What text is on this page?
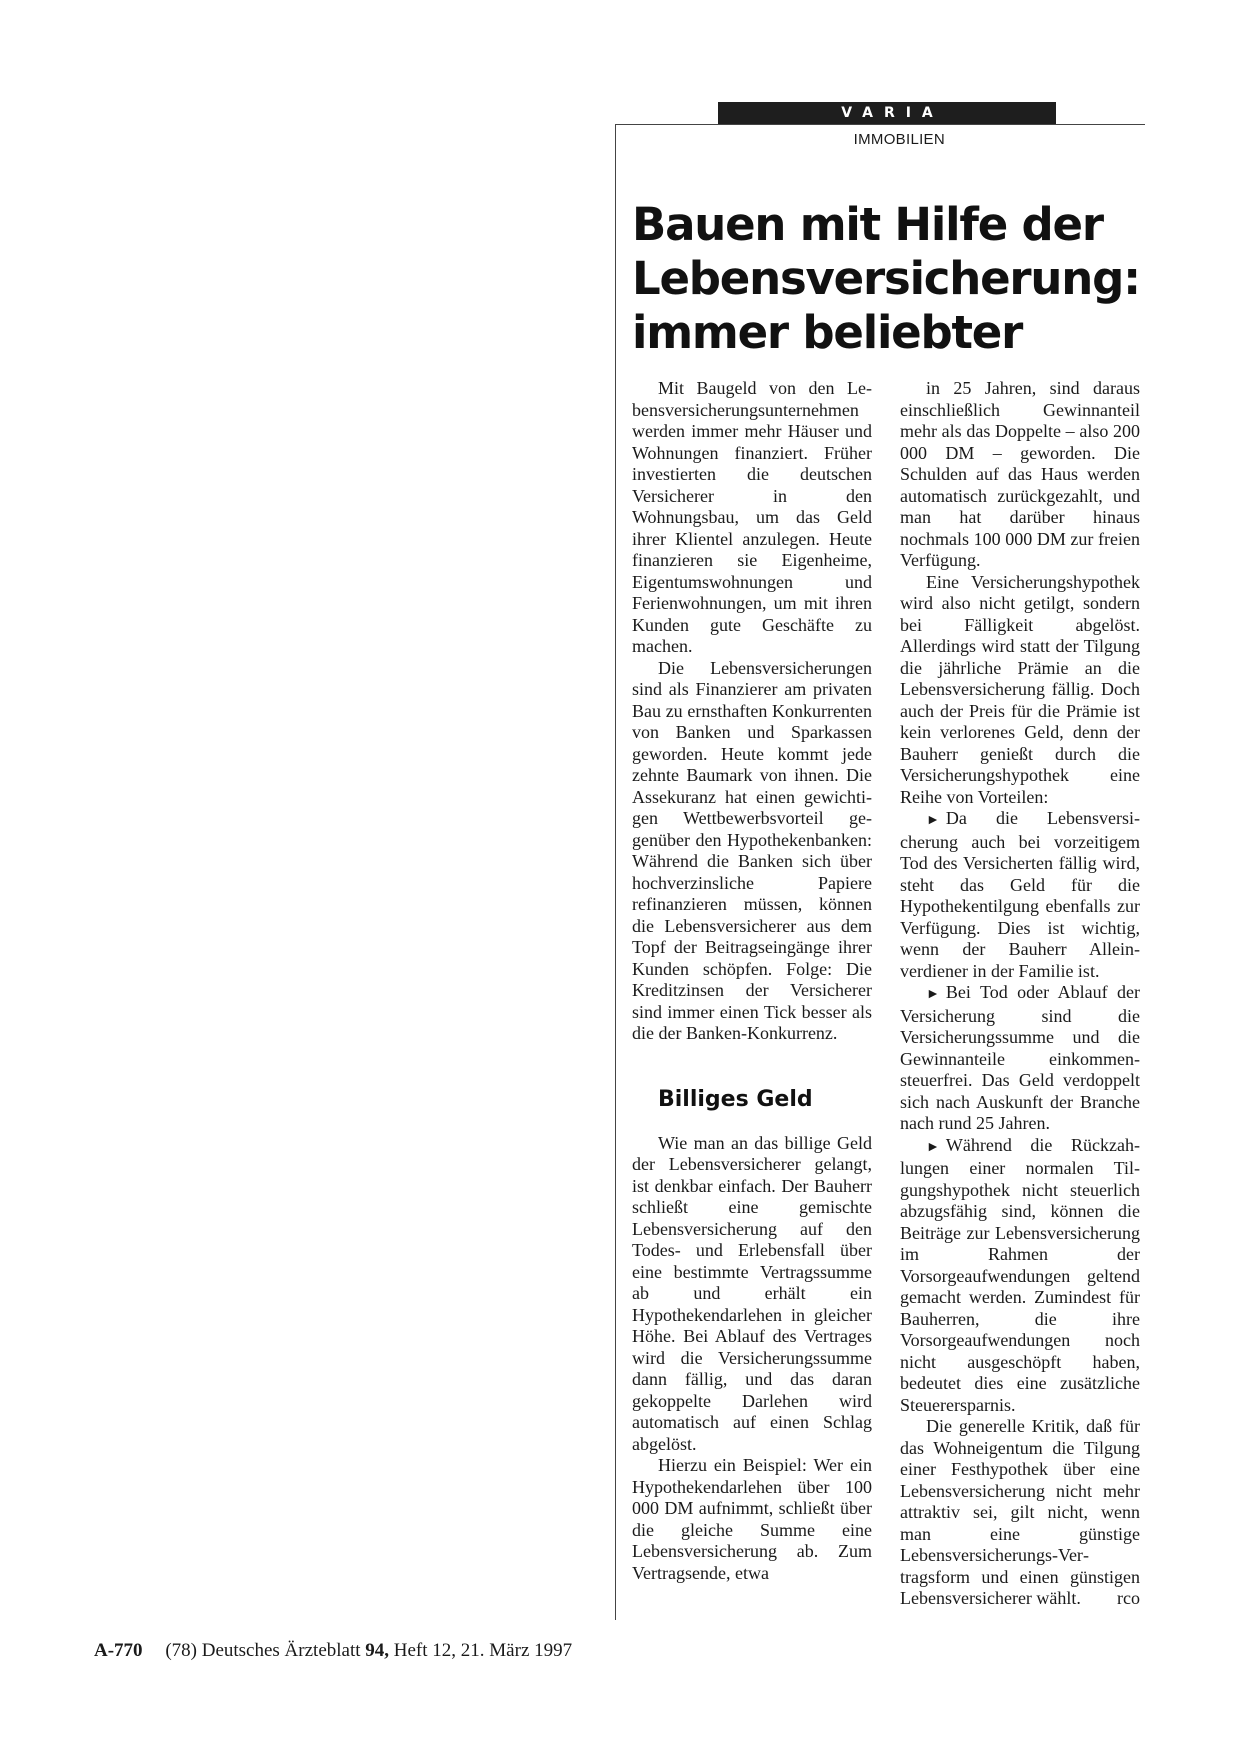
VARIA
IMMOBILIEN
Bauen mit Hilfe der
Lebensversicherung:
immer beliebter

Mit Baugeld von den Lebensversicherungsunternehmen werden immer mehr Häuser und Wohnungen finanziert. Früher investierten die deutschen Versicherer in den Wohnungsbau, um das Geld ihrer Klientel anzulegen. Heute finanzieren sie Eigenheime, Eigentumswohnungen und Ferienwohnungen, um mit ihren Kunden gute Geschäfte zu machen.

Die Lebensversicherungen sind als Finanzierer am privaten Bau zu ernsthaften Konkurrenten von Banken und Sparkassen geworden. Heute kommt jede zehnte Baumark von ihnen. Die Assekuranz hat einen gewichtigen Wettbewerbsvorteil gegenüber den Hypothekenbanken: Während die Banken sich über hochverzinsliche Papiere refinanzieren müssen, können die Lebensversicherer aus dem Topf der Beitragseingänge ihrer Kunden schöpfen. Folge: Die Kreditzinsen der Versicherer sind immer einen Tick besser als die der Banken-Konkurrenz.

Billiges Geld

Wie man an das billige Geld der Lebensversicherer gelangt, ist denkbar einfach. Der Bauherr schließt eine gemischte Lebensversicherung auf den Todes- und Erlebensfall über eine bestimmte Vertragssumme ab und erhält ein Hypothekendarlehen in gleicher Höhe. Bei Ablauf des Vertrages wird die Versicherungssumme dann fällig, und das daran gekoppelte Darlehen wird automatisch auf einen Schlag abgelöst.

Hierzu ein Beispiel: Wer ein Hypothekendarlehen über 100 000 DM aufnimmt, schließt über die gleiche Summe eine Lebensversicherung ab. Zum Vertragsende, etwa

in 25 Jahren, sind daraus einschließlich Gewinnanteil mehr als das Doppelte – also 200 000 DM – geworden. Die Schulden auf das Haus werden automatisch zurückgezahlt, und man hat darüber hinaus nochmals 100 000 DM zur freien Verfügung.

Eine Versicherungshypothek wird also nicht getilgt, sondern bei Fälligkeit abgelöst. Allerdings wird statt der Tilgung die jährliche Prämie an die Lebensversicherung fällig. Doch auch der Preis für die Prämie ist kein verlorenes Geld, denn der Bauherr genießt durch die Versicherungshypothek eine Reihe von Vorteilen:

► Da die Lebensversicherung auch bei vorzeitigem Tod des Versicherten fällig wird, steht das Geld für die Hypothekentilgung ebenfalls zur Verfügung. Dies ist wichtig, wenn der Bauherr Alleinverdiener in der Familie ist.

► Bei Tod oder Ablauf der Versicherung sind die Versicherungssumme und die Gewinnanteile einkommensteuerfrei. Das Geld verdoppelt sich nach Auskunft der Branche nach rund 25 Jahren.

► Während die Rückzahlungen einer normalen Tilgungshypothek nicht steuerlich abzugsfähig sind, können die Beiträge zur Lebensversicherung im Rahmen der Vorsorgeaufwendungen geltend gemacht werden. Zumindest für Bauherren, die ihre Vorsorgeaufwendungen noch nicht ausgeschöpft haben, bedeutet dies eine zusätzliche Steuerersparnis.

Die generelle Kritik, daß für das Wohneigentum die Tilgung einer Festhypothek über eine Lebensversicherung nicht mehr attraktiv sei, gilt nicht, wenn man eine günstige Lebensversicherungs-Vertragsform und einen günstigen Lebensversicherer wählt.	rco

A-770 (78) Deutsches Ärzteblatt 94, Heft 12, 21. März 1997
